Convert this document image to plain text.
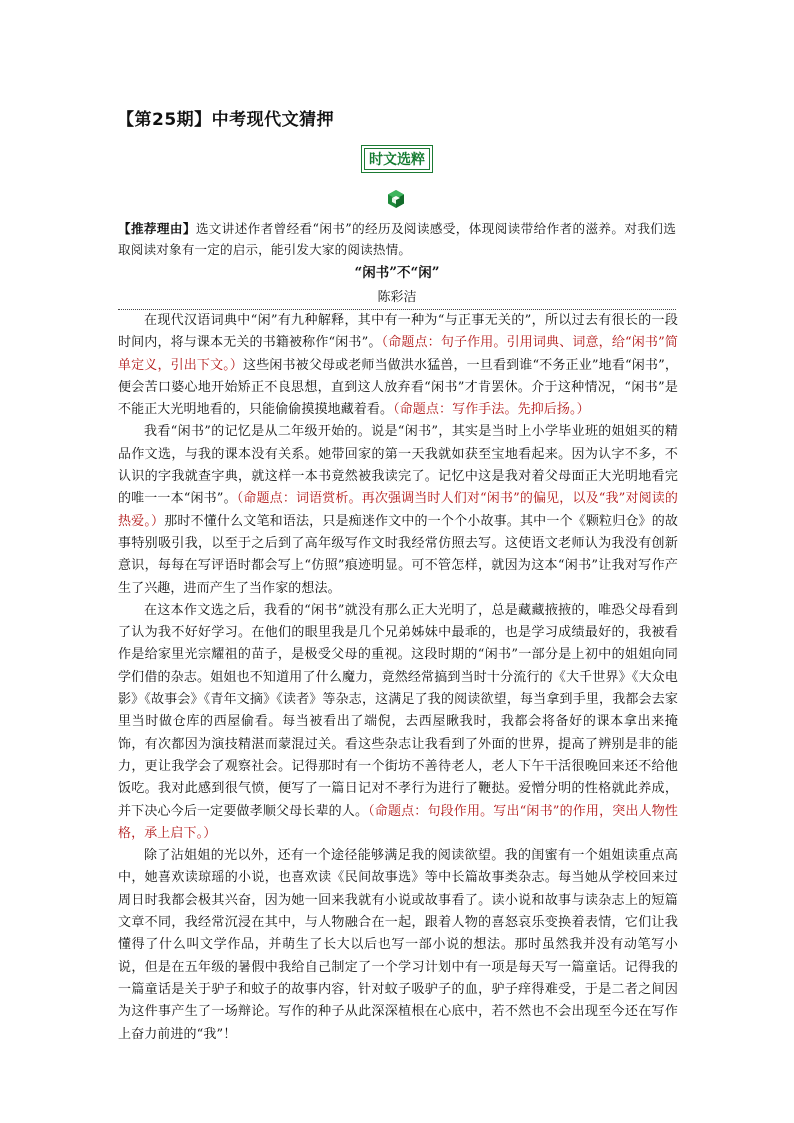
【第25期】中考现代文猜押
时文选粹
【推荐理由】选文讲述作者曾经看“闲书”的经历及阅读感受，体现阅读带给作者的滋养。对我们选取阅读对象有一定的启示，能引发大家的阅读热情。
“闲书”不“闲”
陈彩洁

在现代汉语词典中“闲”有九种解释，其中有一种为“与正事无关的”，所以过去有很长的一段时间内，将与课本无关的书籍被称作“闲书”。（命题点：句子作用。引用词典、词意，给“闲书”简单定义，引出下文。）这些闲书被父母或老师当做洪水猛兽，一旦看到谁“不务正业”地看“闲书”，便会苦口婆心地开始矫正不良思想，直到这人放弃看“闲书”才肯罢休。介于这种情况，“闲书”是不能正大光明地看的，只能偷偷摸摸地藏着看。（命题点：写作手法。先抑后扬。）

我看“闲书”的记忆是从二年级开始的。说是“闲书”，其实是当时上小学毕业班的姐姐买的精品作文选，与我的课本没有关系。她带回家的第一天我就如获至宝地看起来。因为认字不多，不认识的字我就查字典，就这样一本书竟然被我读完了。记忆中这是我对着父母面正大光明地看完的唯一一本“闲书”。（命题点：词语赏析。再次强调当时人们对“闲书”的偏见，以及“我”对阅读的热爱。）那时不懂什么文笔和语法，只是痴迷作文中的一个个小故事。其中一个《颗粒归仓》的故事特别吸引我，以至于之后到了高年级写作文时我经常仿照去写。这使语文老师认为我没有创新意识，每每在写评语时都会写上“仿照”痕迹明显。可不管怎样，就因为这本“闲书”让我对写作产生了兴趣，进而产生了当作家的想法。

在这本作文选之后，我看的“闲书”就没有那么正大光明了，总是藏藏掖掖的，唯恐父母看到了认为我不好好学习。在他们的眼里我是几个兄弟姊妹中最乖的，也是学习成绩最好的，我被看作是给家里光宗耀祖的苗子，是极受父母的重视。这段时期的“闲书”一部分是上初中的姐姐向同学们借的杂志。姐姐也不知道用了什么魔力，竟然经常搞到当时十分流行的《大千世界》《大众电影》《故事会》《青年文摘》《读者》等杂志，这满足了我的阅读欲望，每当拿到手里，我都会去家里当时做仓库的西屋偷看。每当被看出了端倪，去西屋瞅我时，我都会将备好的课本拿出来掩饰，有次都因为演技精湛而蒙混过关。看这些杂志让我看到了外面的世界，提高了辨别是非的能力，更让我学会了观察社会。记得那时有一个街坊不善待老人，老人下午干活很晚回来还不给他饭吃。我对此感到很气愤，便写了一篇日记对不孝行为进行了鞭挞。爱憎分明的性格就此养成，并下决心今后一定要做孝顺父母长辈的人。（命题点：句段作用。写出“闲书”的作用，突出人物性格，承上启下。）

除了沾姐姐的光以外，还有一个途径能够满足我的阅读欲望。我的闺蜜有一个姐姐读重点高中，她喜欢读琼瑶的小说，也喜欢读《民间故事选》等中长篇故事类杂志。每当她从学校回来过周日时我都会极其兴奋，因为她一回来我就有小说或故事看了。读小说和故事与读杂志上的短篇文章不同，我经常沉浸在其中，与人物融合在一起，跟着人物的喜怒哀乐变换着表情，它们让我懂得了什么叫文学作品，并萌生了长大以后也写一部小说的想法。那时虽然我并没有动笔写小说，但是在五年级的暑假中我给自己制定了一个学习计划中有一项是每天写一篇童话。记得我的一篇童话是关于驴子和蚊子的故事内容，针对蚊子吸驴子的血，驴子痒得难受，于是二者之间因为这件事产生了一场辩论。写作的种子从此深深植根在心底中，若不然也不会出现至今还在写作上奋力前进的“我”！
